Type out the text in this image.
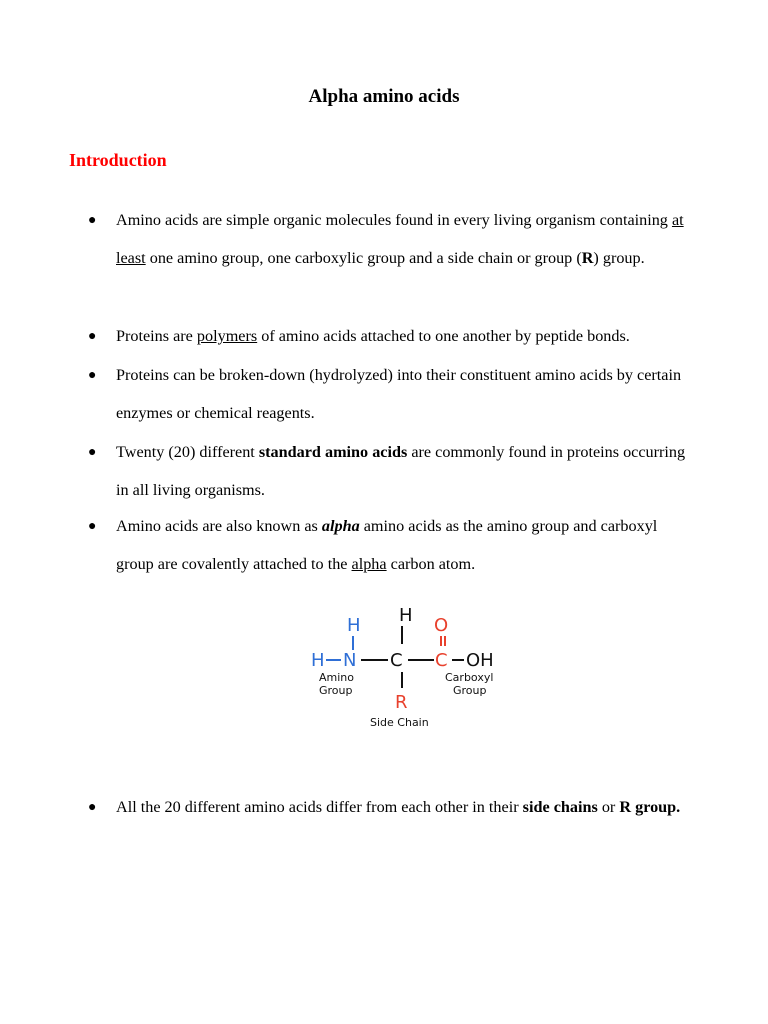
Alpha amino acids
Introduction
●	Amino acids are simple organic molecules found in every living organism containing at least one amino group, one carboxylic group and a side chain or group (R) group.
●	Proteins are polymers of amino acids attached to one another by peptide bonds.
●	Proteins can be broken-down (hydrolyzed) into their constituent amino acids by certain enzymes or chemical reagents.
●	Twenty (20) different standard amino acids are commonly found in proteins occurring in all living organisms.
●	Amino acids are also known as alpha amino acids as the amino group and carboxyl group are covalently attached to the alpha carbon atom.
●	All the 20 different amino acids differ from each other in their side chains or R group.
H
H
H N C
O
C OH
R
Amino
Group
Carboxyl
Group
Side Chain
